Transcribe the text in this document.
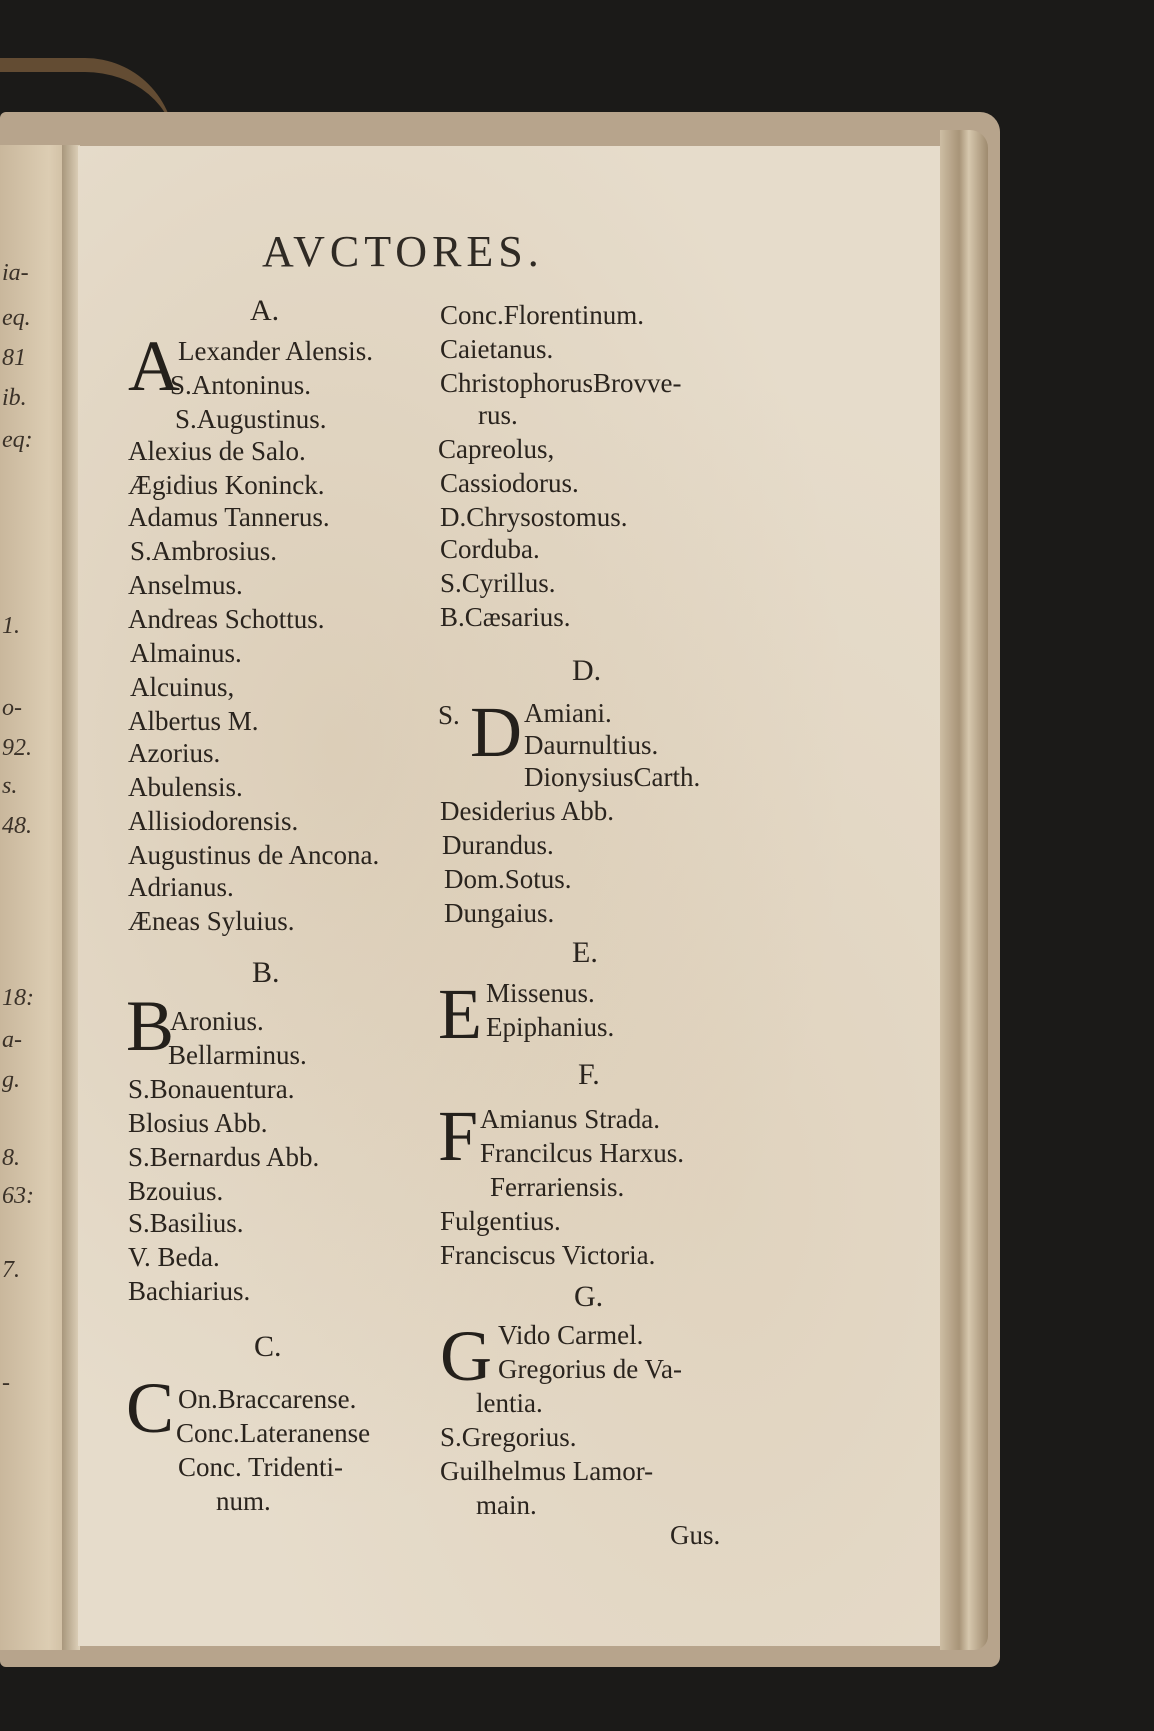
ia-
eq.
81
ib.
eq:
1.
o-
92.
s.
48.
18:
a-
g.
8.
63:
7.
-
AVCTORES.
A.
A
Lexander Alensis.
S.Antoninus.
S.Augustinus.
Alexius de Salo.
Ægidius Koninck.
Adamus Tannerus.
S.Ambrosius.
Anselmus.
Andreas Schottus.
Almainus.
Alcuinus,
Albertus M.
Azorius.
Abulensis.
Allisiodorensis.
Augustinus de Ancona.
Adrianus.
Æneas Syluius.
B.
B
Aronius.
Bellarminus.
S.Bonauentura.
Blosius Abb.
S.Bernardus Abb.
Bzouius.
S.Basilius.
V. Beda.
Bachiarius.
C.
C On.Braccarense.
Conc.Lateranense
Conc. Tridenti-
num.
Conc.Florentinum.
Caietanus.
ChristophorusBrovve-
rus.
Capreolus,
Cassiodorus.
D.Chrysostomus.
Corduba.
S.Cyrillus.
B.Cæsarius.
D.
S. D Amiani.
Daurnultius.
DionysiusCarth.
Desiderius Abb.
Durandus.
Dom.Sotus.
Dungaius.
E.
E Missenus.
Epiphanius.
F.
F Amianus Strada.
Francilcus Harxus.
Ferrariensis.
Fulgentius.
Franciscus Victoria.
G.
G Vido Carmel.
Gregorius de Va-
lentia.
S.Gregorius.
Guilhelmus Lamor-
main.
Gus.
